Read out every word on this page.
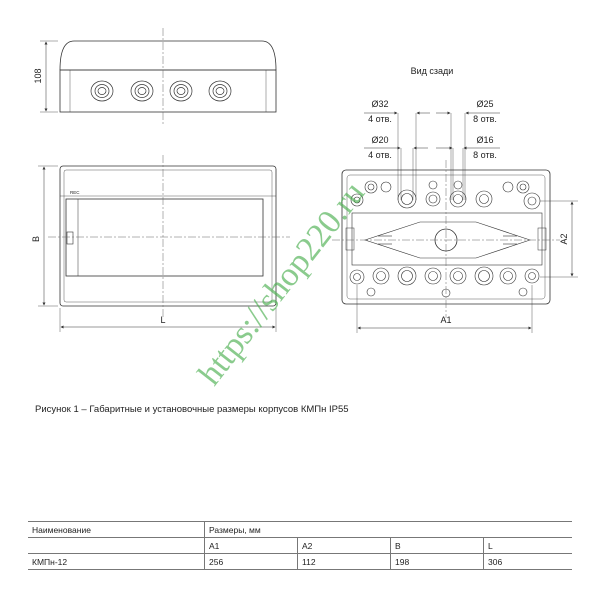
108
REC
B
L
Вид сзади
Ø32
4 отв.
Ø20
4 отв.
Ø25
8 отв.
Ø16
8 отв.
A1
A2
Рисунок 1 – Габаритные и установочные размеры корпусов КМПн IP55
Наименование	Размеры, мм			
	A1	A2	B	L
КМПн-12	256	112	198	306
https://shop220.ru
